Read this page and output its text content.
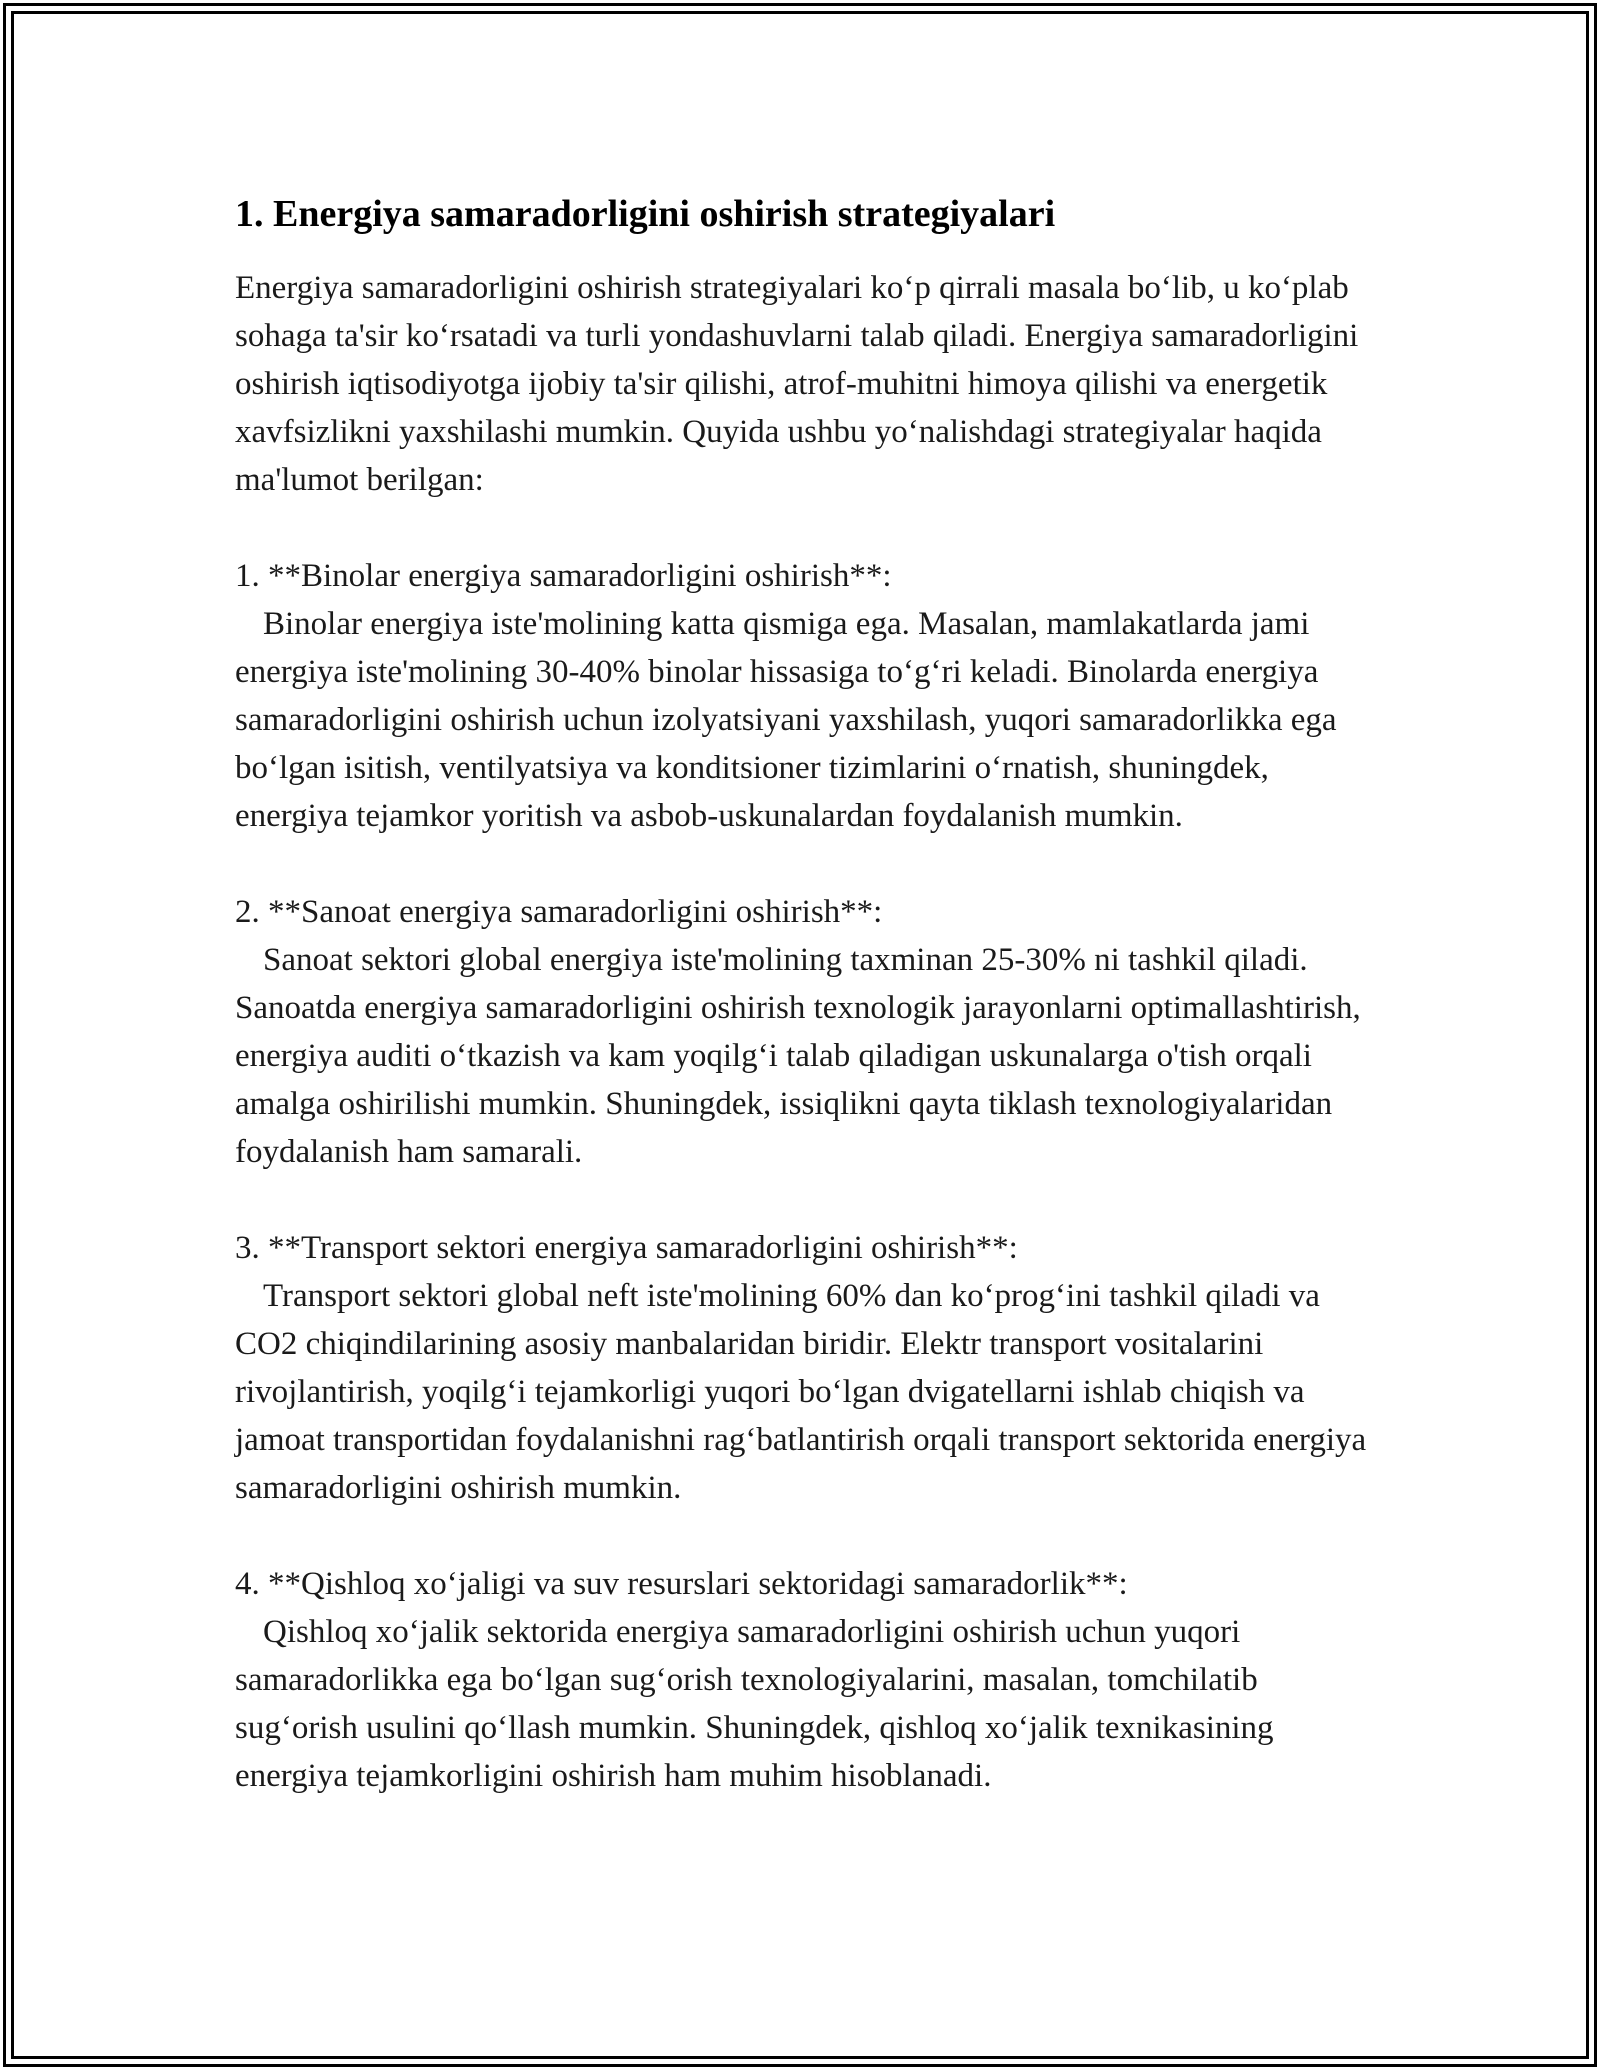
1. Energiya samaradorligini oshirish strategiyalari

Energiya samaradorligini oshirish strategiyalari ko‘p qirrali masala bo‘lib, u ko‘plab sohaga ta'sir ko‘rsatadi va turli yondashuvlarni talab qiladi. Energiya samaradorligini oshirish iqtisodiyotga ijobiy ta'sir qilishi, atrof-muhitni himoya qilishi va energetik xavfsizlikni yaxshilashi mumkin. Quyida ushbu yo‘nalishdagi strategiyalar haqida ma'lumot berilgan:

1. **Binolar energiya samaradorligini oshirish**:

Binolar energiya iste'molining katta qismiga ega. Masalan, mamlakatlarda jami energiya iste'molining 30-40% binolar hissasiga to‘g‘ri keladi. Binolarda energiya samaradorligini oshirish uchun izolyatsiyani yaxshilash, yuqori samaradorlikka ega bo‘lgan isitish, ventilyatsiya va konditsioner tizimlarini o‘rnatish, shuningdek, energiya tejamkor yoritish va asbob-uskunalardan foydalanish mumkin.

2. **Sanoat energiya samaradorligini oshirish**:

Sanoat sektori global energiya iste'molining taxminan 25-30% ni tashkil qiladi. Sanoatda energiya samaradorligini oshirish texnologik jarayonlarni optimallashtirish, energiya auditi o‘tkazish va kam yoqilg‘i talab qiladigan uskunalarga o'tish orqali amalga oshirilishi mumkin. Shuningdek, issiqlikni qayta tiklash texnologiyalaridan foydalanish ham samarali.

3. **Transport sektori energiya samaradorligini oshirish**:

Transport sektori global neft iste'molining 60% dan ko‘prog‘ini tashkil qiladi va CO2 chiqindilarining asosiy manbalaridan biridir. Elektr transport vositalarini rivojlantirish, yoqilg‘i tejamkorligi yuqori bo‘lgan dvigatellarni ishlab chiqish va jamoat transportidan foydalanishni rag‘batlantirish orqali transport sektorida energiya samaradorligini oshirish mumkin.

4. **Qishloq xo‘jaligi va suv resurslari sektoridagi samaradorlik**:

Qishloq xo‘jalik sektorida energiya samaradorligini oshirish uchun yuqori samaradorlikka ega bo‘lgan sug‘orish texnologiyalarini, masalan, tomchilatib sug‘orish usulini qo‘llash mumkin. Shuningdek, qishloq xo‘jalik texnikasining energiya tejamkorligini oshirish ham muhim hisoblanadi.
